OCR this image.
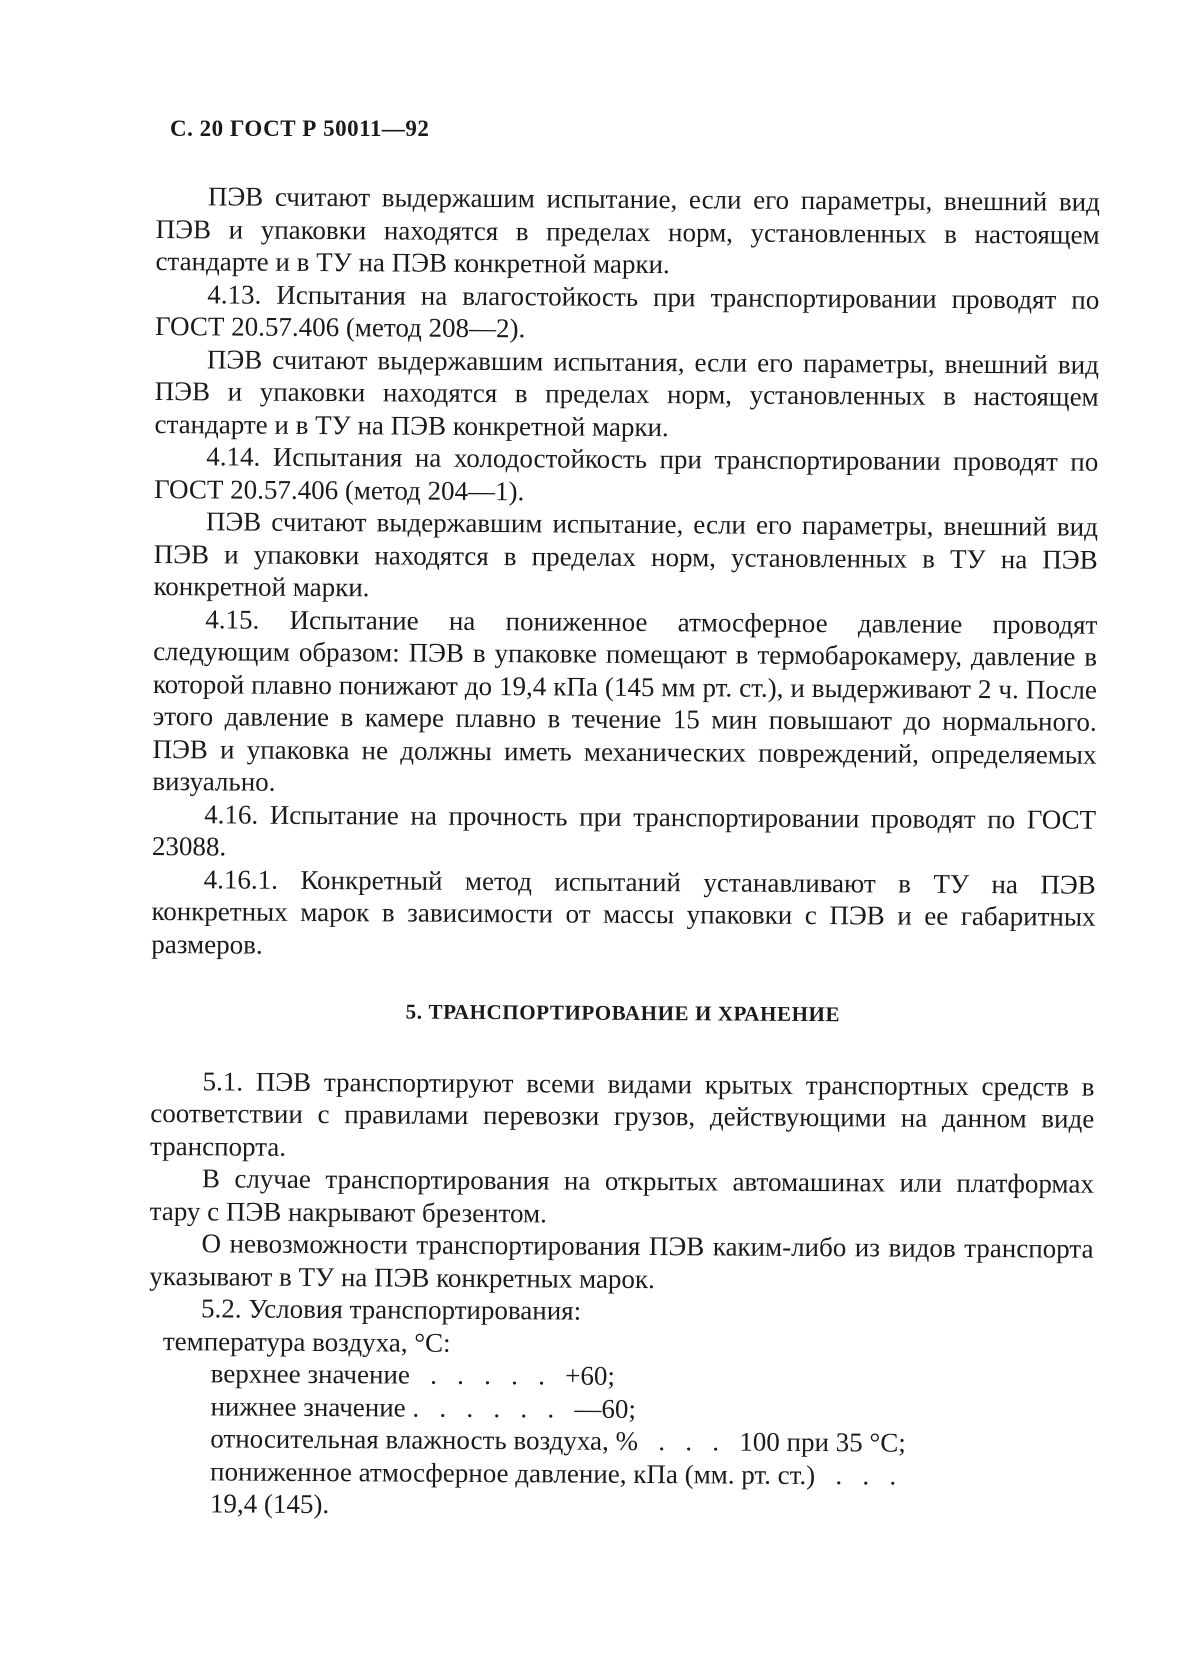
С. 20 ГОСТ Р 50011—92

ПЭВ считают выдержашим испытание, если его параметры, внешний вид ПЭВ и упаковки находятся в пределах норм, установленных в настоящем стандарте и в ТУ на ПЭВ конкретной марки.

4.13. Испытания на влагостойкость при транспортировании проводят по ГОСТ 20.57.406 (метод 208—2).

ПЭВ считают выдержавшим испытания, если его параметры, внешний вид ПЭВ и упаковки находятся в пределах норм, установленных в настоящем стандарте и в ТУ на ПЭВ конкретной марки.

4.14. Испытания на холодостойкость при транспортировании проводят по ГОСТ 20.57.406 (метод 204—1).

ПЭВ считают выдержавшим испытание, если его параметры, внешний вид ПЭВ и упаковки находятся в пределах норм, установленных в ТУ на ПЭВ конкретной марки.

4.15. Испытание на пониженное атмосферное давление проводят следующим образом: ПЭВ в упаковке помещают в термобарокамеру, давление в которой плавно понижают до 19,4 кПа (145 мм рт. ст.), и выдерживают 2 ч. После этого давление в камере плавно в течение 15 мин повышают до нормального. ПЭВ и упаковка не должны иметь механических повреждений, определяемых визуально.

4.16. Испытание на прочность при транспортировании проводят по ГОСТ 23088.

4.16.1. Конкретный метод испытаний устанавливают в ТУ на ПЭВ конкретных марок в зависимости от массы упаковки с ПЭВ и ее габаритных размеров.

5. ТРАНСПОРТИРОВАНИЕ И ХРАНЕНИЕ

5.1. ПЭВ транспортируют всеми видами крытых транспортных средств в соответствии с правилами перевозки грузов, действующими на данном виде транспорта.

В случае транспортирования на открытых автомашинах или платформах тару с ПЭВ накрывают брезентом.

О невозможности транспортирования ПЭВ каким-либо из видов транспорта указывают в ТУ на ПЭВ конкретных марок.

5.2. Условия транспортирования:
температура воздуха, °С:
верхнее значение   .   .   .   .   . +60;
нижнее значение .   .   .   .   .   . —60;
относительная влажность воздуха, %   .   .   . 100 при 35 °С;
пониженное атмосферное давление, кПа (мм. рт. ст.)   .   .   .
19,4 (145).
